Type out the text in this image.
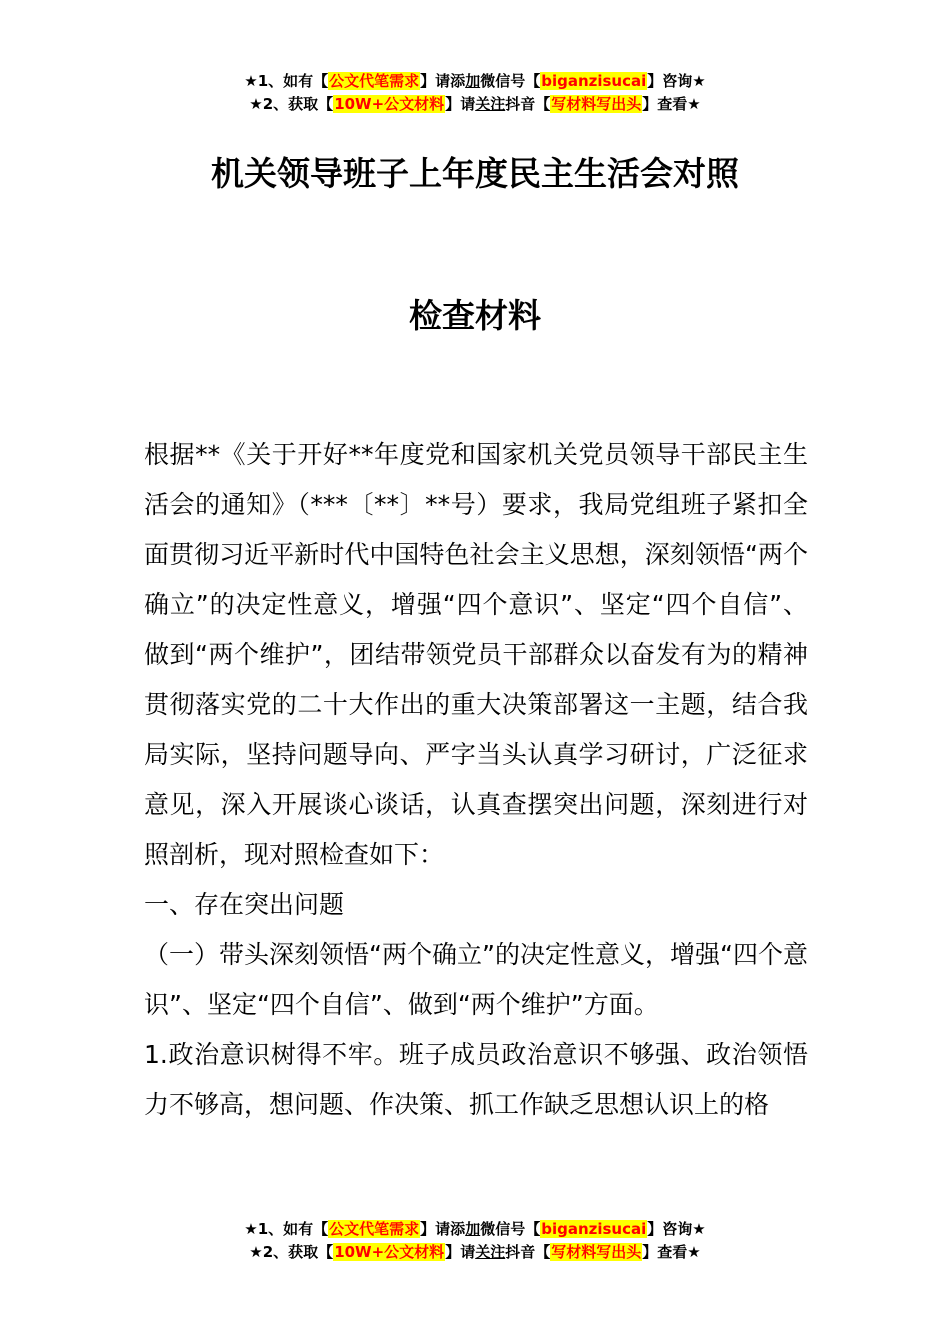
★1、如有【公文代笔需求】请添加微信号【biganzisucai】咨询★
★2、获取【10W+公文材料】请关注抖音【写材料写出头】查看★
机关领导班子上年度民主生活会对照
检查材料

根据**《关于开好**年度党和国家机关党员领导干部民主生活会的通知》（***〔**〕**号）要求，我局党组班子紧扣全面贯彻习近平新时代中国特色社会主义思想，深刻领悟“两个确立”的决定性意义，增强“四个意识”、坚定“四个自信”、做到“两个维护”，团结带领党员干部群众以奋发有为的精神贯彻落实党的二十大作出的重大决策部署这一主题，结合我局实际，坚持问题导向、严字当头认真学习研讨，广泛征求意见，深入开展谈心谈话，认真查摆突出问题，深刻进行对照剖析，现对照检查如下：

一、存在突出问题

（一）带头深刻领悟“两个确立”的决定性意义，增强“四个意识”、坚定“四个自信”、做到“两个维护”方面。

1.政治意识树得不牢。班子成员政治意识不够强、政治领悟力不够高，想问题、作决策、抓工作缺乏思想认识上的格

★1、如有【公文代笔需求】请添加微信号【biganzisucai】咨询★
★2、获取【10W+公文材料】请关注抖音【写材料写出头】查看★
